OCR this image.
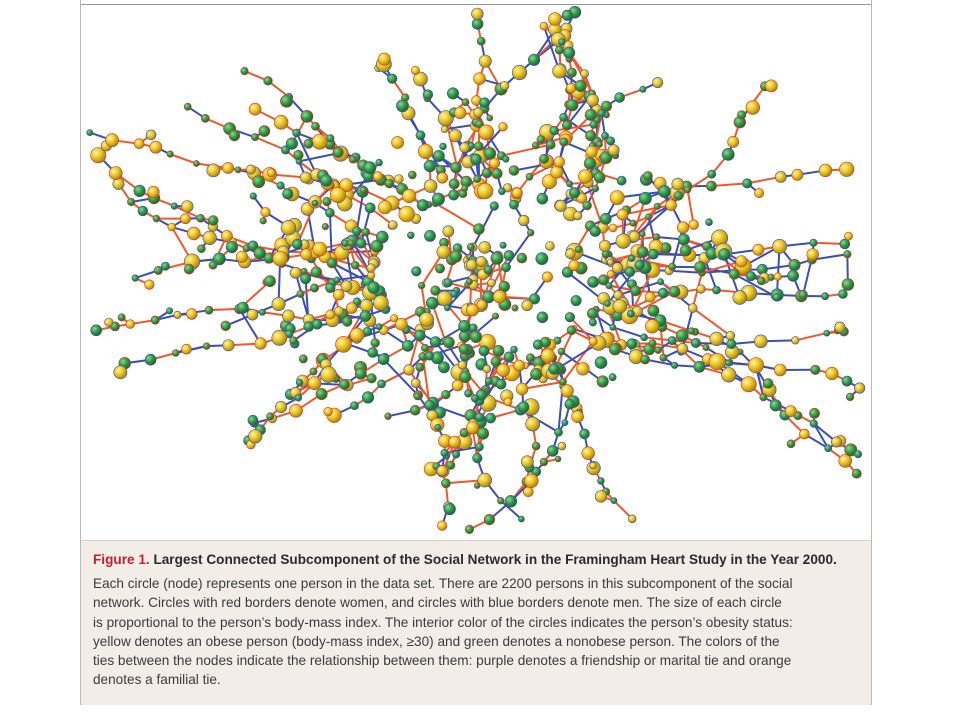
Figure 1. Largest Connected Subcomponent of the Social Network in the Framingham Heart Study in the Year 2000.

Each circle (node) represents one person in the data set. There are 2200 persons in this subcomponent of the social
network. Circles with red borders denote women, and circles with blue borders denote men. The size of each circle
is proportional to the person’s body-mass index. The interior color of the circles indicates the person’s obesity status:
yellow denotes an obese person (body-mass index, ≥30) and green denotes a nonobese person. The colors of the
ties between the nodes indicate the relationship between them: purple denotes a friendship or marital tie and orange
denotes a familial tie.
